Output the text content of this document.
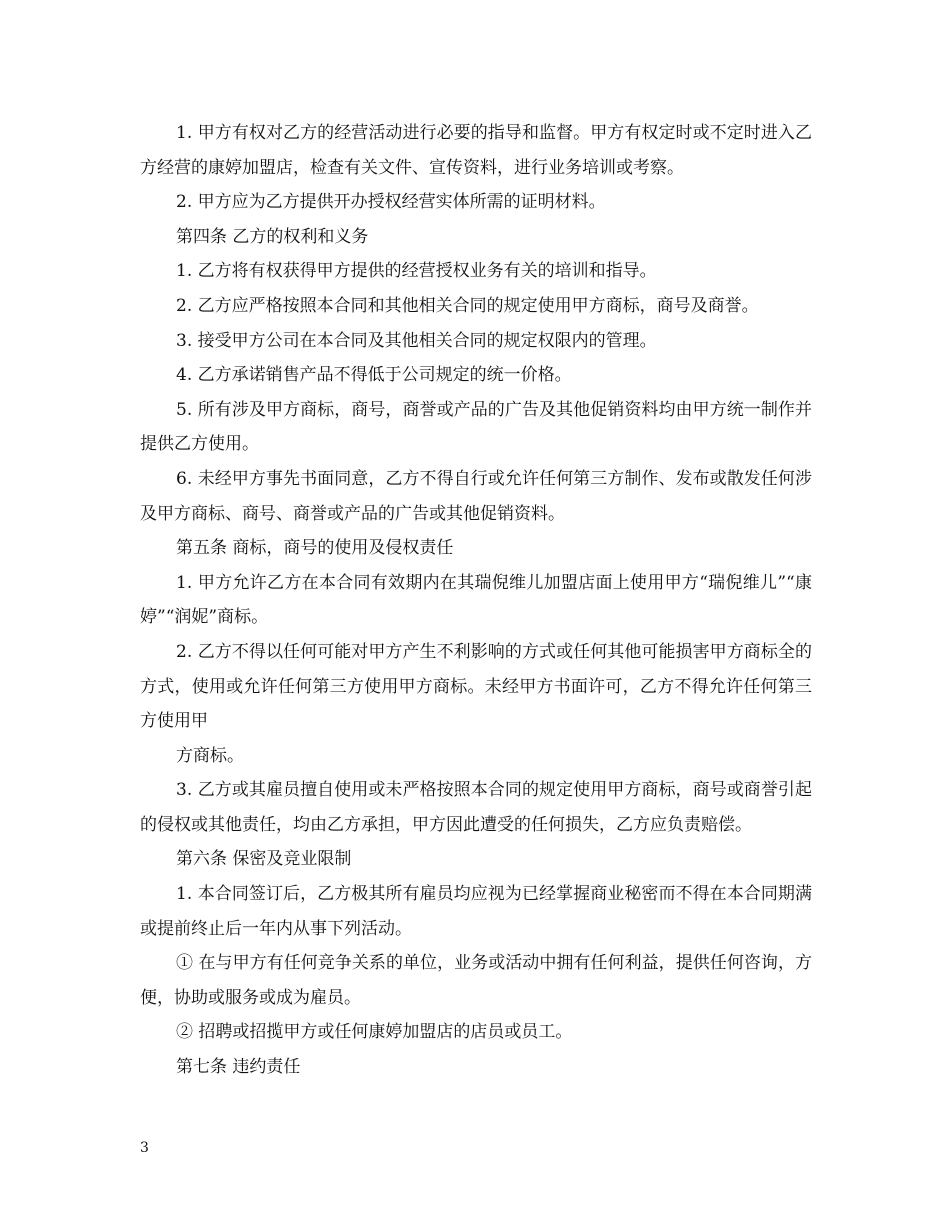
1. 甲方有权对乙方的经营活动进行必要的指导和监督。甲方有权定时或不定时进入乙方经营的康婷加盟店，检查有关文件、宣传资料，进行业务培训或考察。

2. 甲方应为乙方提供开办授权经营实体所需的证明材料。

第四条 乙方的权利和义务

1. 乙方将有权获得甲方提供的经营授权业务有关的培训和指导。

2. 乙方应严格按照本合同和其他相关合同的规定使用甲方商标，商号及商誉。

3. 接受甲方公司在本合同及其他相关合同的规定权限内的管理。

4. 乙方承诺销售产品不得低于公司规定的统一价格。

5. 所有涉及甲方商标，商号，商誉或产品的广告及其他促销资料均由甲方统一制作并提供乙方使用。

6. 未经甲方事先书面同意，乙方不得自行或允许任何第三方制作、发布或散发任何涉及甲方商标、商号、商誉或产品的广告或其他促销资料。

第五条 商标，商号的使用及侵权责任

1. 甲方允许乙方在本合同有效期内在其瑞倪维儿加盟店面上使用甲方“瑞倪维儿”“康婷”“润妮”商标。

2. 乙方不得以任何可能对甲方产生不利影响的方式或任何其他可能损害甲方商标全的方式，使用或允许任何第三方使用甲方商标。未经甲方书面许可，乙方不得允许任何第三方使用甲

方商标。

3. 乙方或其雇员擅自使用或未严格按照本合同的规定使用甲方商标，商号或商誉引起的侵权或其他责任，均由乙方承担，甲方因此遭受的任何损失，乙方应负责赔偿。

第六条 保密及竞业限制

1. 本合同签订后，乙方极其所有雇员均应视为已经掌握商业秘密而不得在本合同期满或提前终止后一年内从事下列活动。

① 在与甲方有任何竞争关系的单位，业务或活动中拥有任何利益，提供任何咨询，方便，协助或服务或成为雇员。

② 招聘或招揽甲方或任何康婷加盟店的店员或员工。

第七条 违约责任

3
